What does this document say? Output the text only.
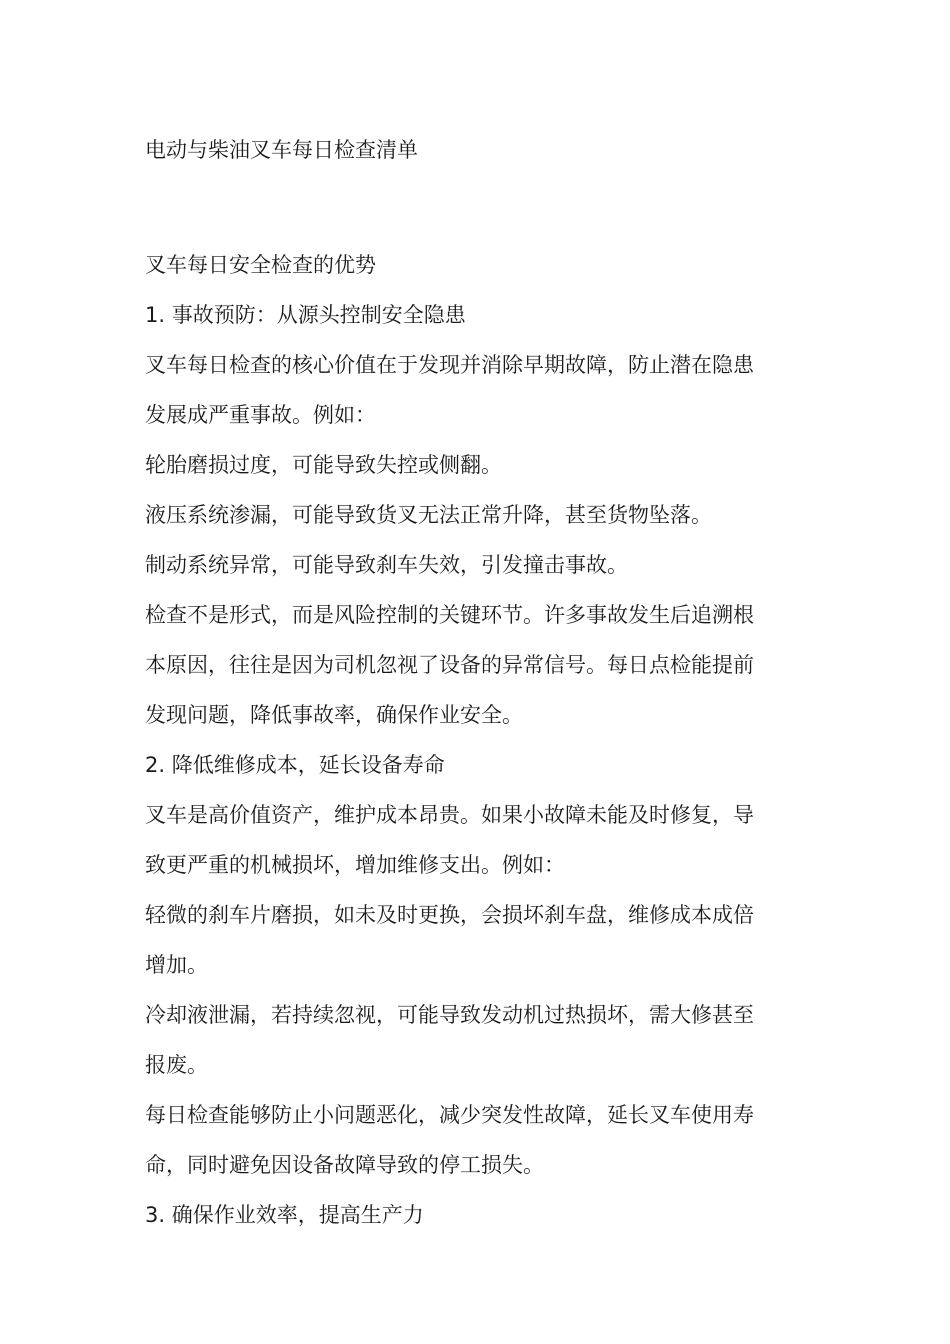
电动与柴油叉车每日检查清单

叉车每日安全检查的优势

1. 事故预防：从源头控制安全隐患

叉车每日检查的核心价值在于发现并消除早期故障，防止潜在隐患

发展成严重事故。例如：

轮胎磨损过度，可能导致失控或侧翻。

液压系统渗漏，可能导致货叉无法正常升降，甚至货物坠落。

制动系统异常，可能导致刹车失效，引发撞击事故。

检查不是形式，而是风险控制的关键环节。许多事故发生后追溯根

本原因，往往是因为司机忽视了设备的异常信号。每日点检能提前

发现问题，降低事故率，确保作业安全。

2. 降低维修成本，延长设备寿命

叉车是高价值资产，维护成本昂贵。如果小故障未能及时修复，导

致更严重的机械损坏，增加维修支出。例如：

轻微的刹车片磨损，如未及时更换，会损坏刹车盘，维修成本成倍

增加。

冷却液泄漏，若持续忽视，可能导致发动机过热损坏，需大修甚至

报废。

每日检查能够防止小问题恶化，减少突发性故障，延长叉车使用寿

命，同时避免因设备故障导致的停工损失。

3. 确保作业效率，提高生产力
